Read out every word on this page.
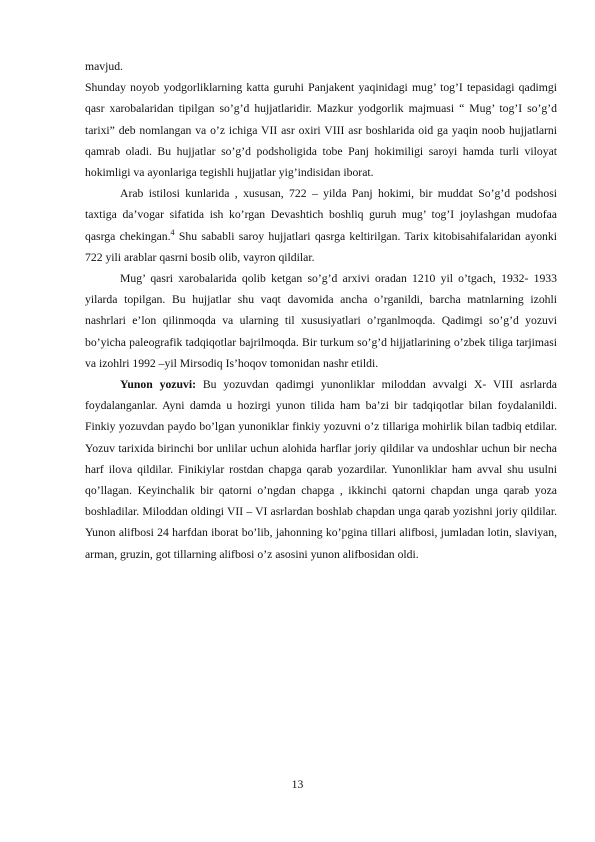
mavjud.

Shunday noyob yodgorliklarning katta guruhi Panjakent yaqinidagi mug’ tog’I tepasidagi qadimgi qasr xarobalaridan tipilgan so’g’d hujjatlaridir. Mazkur yodgorlik majmuasi “ Mug’ tog’I so’g’d tarixi” deb nomlangan va o’z ichiga VII asr oxiri VIII asr boshlarida oid ga yaqin noob hujjatlarni qamrab oladi. Bu hujjatlar so’g’d podsholigida tobe Panj hokimiligi saroyi hamda turli viloyat hokimligi va ayonlariga tegishli hujjatlar yig’indisidan iborat.

Arab istilosi kunlarida , xususan, 722 – yilda Panj hokimi, bir muddat So’g’d podshosi taxtiga da’vogar sifatida ish ko’rgan Devashtich boshliq guruh mug’ tog’I joylashgan mudofaa qasrga chekingan.$^4$ Shu sababli saroy hujjatlari qasrga keltirilgan. Tarix kitobisahifalaridan ayonki 722 yili arablar qasrni bosib olib, vayron qildilar.

Mug’ qasri xarobalarida qolib ketgan so’g’d arxivi oradan 1210 yil o’tgach, 1932- 1933 yilarda topilgan. Bu hujjatlar shu vaqt davomida ancha o’rganildi, barcha matnlarning izohli nashrlari e’lon qilinmoqda va ularning til xususiyatlari o’rganlmoqda. Qadimgi so’g’d yozuvi bo’yicha paleografik tadqiqotlar bajrilmoqda. Bir turkum so’g’d hijjatlarining o’zbek tiliga tarjimasi va izohlri 1992 –yil Mirsodiq Is’hoqov tomonidan nashr etildi.

Yunon yozuvi: Bu yozuvdan qadimgi yunonliklar miloddan avvalgi X- VIII asrlarda foydalanganlar. Ayni damda u hozirgi yunon tilida ham ba’zi bir tadqiqotlar bilan foydalanildi. Finkiy yozuvdan paydo bo’lgan yunoniklar finkiy yozuvni o’z tillariga mohirlik bilan tadbiq etdilar. Yozuv tarixida birinchi bor unlilar uchun alohida harflar joriy qildilar va undoshlar uchun bir necha harf ilova qildilar. Finikiylar rostdan chapga qarab yozardilar. Yunonliklar ham avval shu usulni qo’llagan. Keyinchalik bir qatorni o’ngdan chapga , ikkinchi qatorni chapdan unga qarab yoza boshladilar. Miloddan oldingi VII – VI asrlardan boshlab chapdan unga qarab yozishni joriy qildilar. Yunon alifbosi 24 harfdan iborat bo’lib, jahonning ko’pgina tillari alifbosi, jumladan lotin, slaviyan, arman, gruzin, got tillarning alifbosi o’z asosini yunon alifbosidan oldi.

13
